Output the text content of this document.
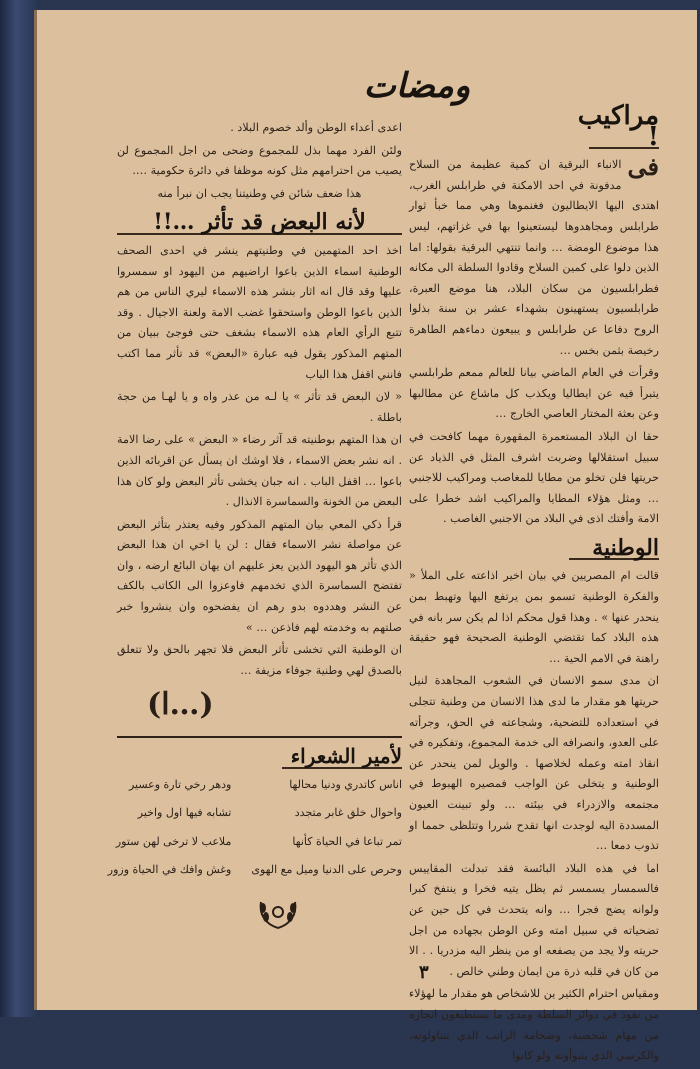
ومضات
مراكيب !

فى
الانباء البرقية ان كمية عظيمة من السلاح مدفونة في احد الامكنة في طرابلس الغرب، اهتدى اليها الايطاليون فغنموها وهي مما خبأ ثوار طرابلس ومجاهدوها ليستعينوا بها في غزاتهم، ليس هذا موضوع الومضة … وانما تنتهي البرقية بقولها: اما الذين دلوا على كمين السلاح وقادوا السلطة الى مكانه فطرابلسيون من سكان البلاد، هنا موضع العبرة، طرابلسيون يستهينون بشهداء عشر بن سنة بذلوا الروح دفاعا عن طرابلس و يبيعون دماءهم الطاهرة رخيصة بثمن بخس …

وقرأت في العام الماضي بيانا للعالم ممعم طرابلسي يتبرأ فيه عن ايطاليا ويكذب كل ماشاع عن مطالبها وعن بعثة المختار العاصي الخارج …

حقا ان البلاد المستعمرة المقهورة مهما كافحت في سبيل استقلالها وضربت اشرف المثل في الذياد عن حريتها فلن تخلو من مطايا للمغاصب ومراكيب للاجنبي … ومثل هؤلاء المطايا والمراكيب اشد خطرا على الامة وأفتك اذى في البلاد من الاجنبي الغاصب .

الوطنية

قالت ام المصريين في بيان اخير اذاعته على الملأ « والفكرة الوطنية تسمو بمن يرتفع اليها وتهبط بمن ينحدر عنها » . وهذا قول محكم اذا لم يكن سر بانه في هذه البلاد كما تقتضي الوطنية الصحيحة فهو حقيقة راهنة في الامم الحية …

ان مدى سمو الانسان في الشعوب المجاهدة لنيل حريتها هو مقدار ما لدى هذا الانسان من وطنية تتجلى في استعداده للتضحية، وشجاعته في الحق، وجرأته على العدو، وانصرافه الى خدمة المجموع، وتفكيره في انقاذ امته وعمله لخلاصها . والويل لمن ينحدر عن الوطنية و يتخلى عن الواجب فمصيره الهبوط في مجتمعه والازدراء في بيئته … ولو تبينت العيون المسددة اليه لوجدت انها تقدح شررا وتتلظى حمما او تذوب دمعا …

اما في هذه البلاد البائسة فقد تبدلت المقاييس فالسمسار يسمسر ثم يظل يتيه فخرا و ينتفخ كبرا ولوانه يضج فجرا … وانه يتحدث في كل حين عن تضحياته في سبيل امته وعن الوطن بجهاده من اجل حريته ولا يجد من يصفعه او من ينظر اليه مزدريا . . الا من كان في قلبه ذرة من ايمان وطني خالص .

ومقياس احترام الكثير ين للاشخاص هو مقدار ما لهؤلاء من نفوذ في دوائر السلطة ومدى ما يستطيعون انجازه من مهام شخصية، وضخامة الراتب الذي يتناولونه، والكرسي الذي يتبوأونه ولو كانوا

اعدى أعداء الوطن وألد خصوم البلاد .

ولئن الفرد مهما بذل للمجموع وضحى من اجل المجموع لن يصيب من احترامهم مثل كونه موظفا في دائرة حكومية ….

هذا ضعف شائن في وطنيتنا يجب ان نبرأ منه

لأنه البعض قد تأثر …!!

اخذ احد المتهمين في وطنيتهم ينشر في احدى الصحف الوطنية اسماء الذين باعوا اراضيهم من اليهود او سمسروا عليها وقد قال انه اثار بنشر هذه الاسماء ليري الناس من هم الذين باعوا الوطن واستحقوا غضب الامة ولعنة الاجيال . وقد تتبع الرأي العام هذه الاسماء بشغف حتى فوجئ ببيان من المتهم المذكور يقول فيه عبارة «البعض» قد تأثر مما اكتب فانني اقفل هذا الباب

« لان البعض قد تأثر » يا لـه من عذر واه و يا لهـا من حجة باطلة .

ان هذا المتهم بوطنيته قد آثر رضاء « البعض » على رضا الامة . انه نشر بعض الاسماء ، فلا اوشك ان يسأل عن اقربائه الذين باعوا … اقفل الباب . انه جبان يخشى تأثر البعض ولو كان هذا البعض من الخونة والسماسرة الانذال .

قرأ ذكي المعي بيان المتهم المذكور وفيه يعتذر بتأثر البعض عن مواصلة نشر الاسماء فقال : لن يا اخي ان هذا البعض الذي تأثر هو اليهود الذين يعز عليهم ان يهان البائع ارضه ، وان تفتضح السماسرة الذي تخدمهم فاوعزوا الى الكاتب بالكف عن النشر وهددوه بدو رهم ان يفضحوه وان ينشروا خبر صلتهم به وخدمته لهم فاذعن … »

ان الوطنية التي تخشى تأثر البعض فلا تجهر بالحق ولا تتعلق بالصدق لهي وطنية جوفاء مزيفة …

(ا…)
لأمير الشعراء
اناس كاتدري ودنيا محالها
ودهر رخي تارة وعسير
واحوال خلق غابر متجدد
تشابه فيها اول واخير
تمر تباعا في الحياة كأنها
ملاعب لا ترخى لهن ستور
وحرص على الدنيا وميل مع الهوى
وغش وافك في الحياة وزور
٣
